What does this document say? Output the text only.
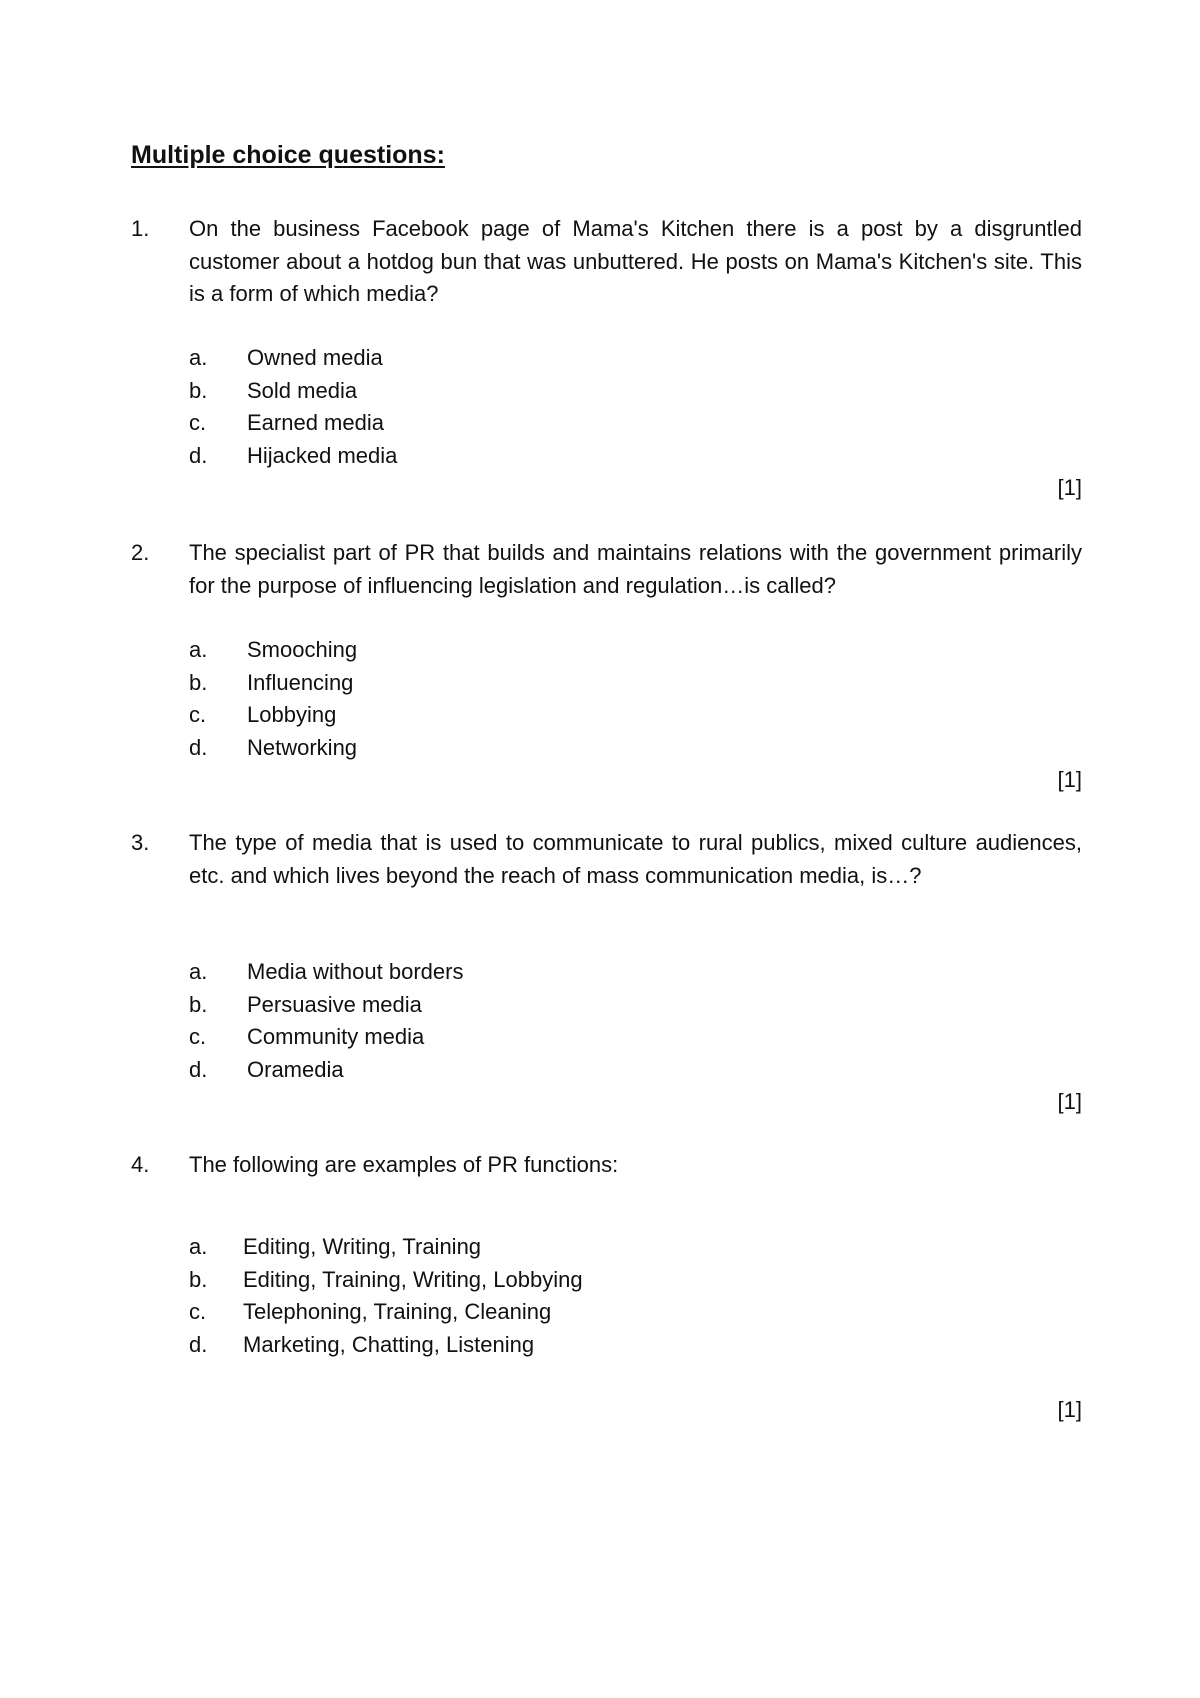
Multiple choice questions:
1. On the business Facebook page of Mama's Kitchen there is a post by a disgruntled customer about a hotdog bun that was unbuttered. He posts on Mama's Kitchen's site. This is a form of which media?
a. Owned media
b. Sold media
c. Earned media
d. Hijacked media
[1]
2. The specialist part of PR that builds and maintains relations with the government primarily for the purpose of influencing legislation and regulation…is called?
a. Smooching
b. Influencing
c. Lobbying
d. Networking
[1]
3. The type of media that is used to communicate to rural publics, mixed culture audiences, etc. and which lives beyond the reach of mass communication media, is…?
a. Media without borders
b. Persuasive media
c. Community media
d. Oramedia
[1]
4. The following are examples of PR functions:
a. Editing, Writing, Training
b. Editing, Training, Writing, Lobbying
c. Telephoning, Training, Cleaning
d. Marketing, Chatting, Listening
[1]
